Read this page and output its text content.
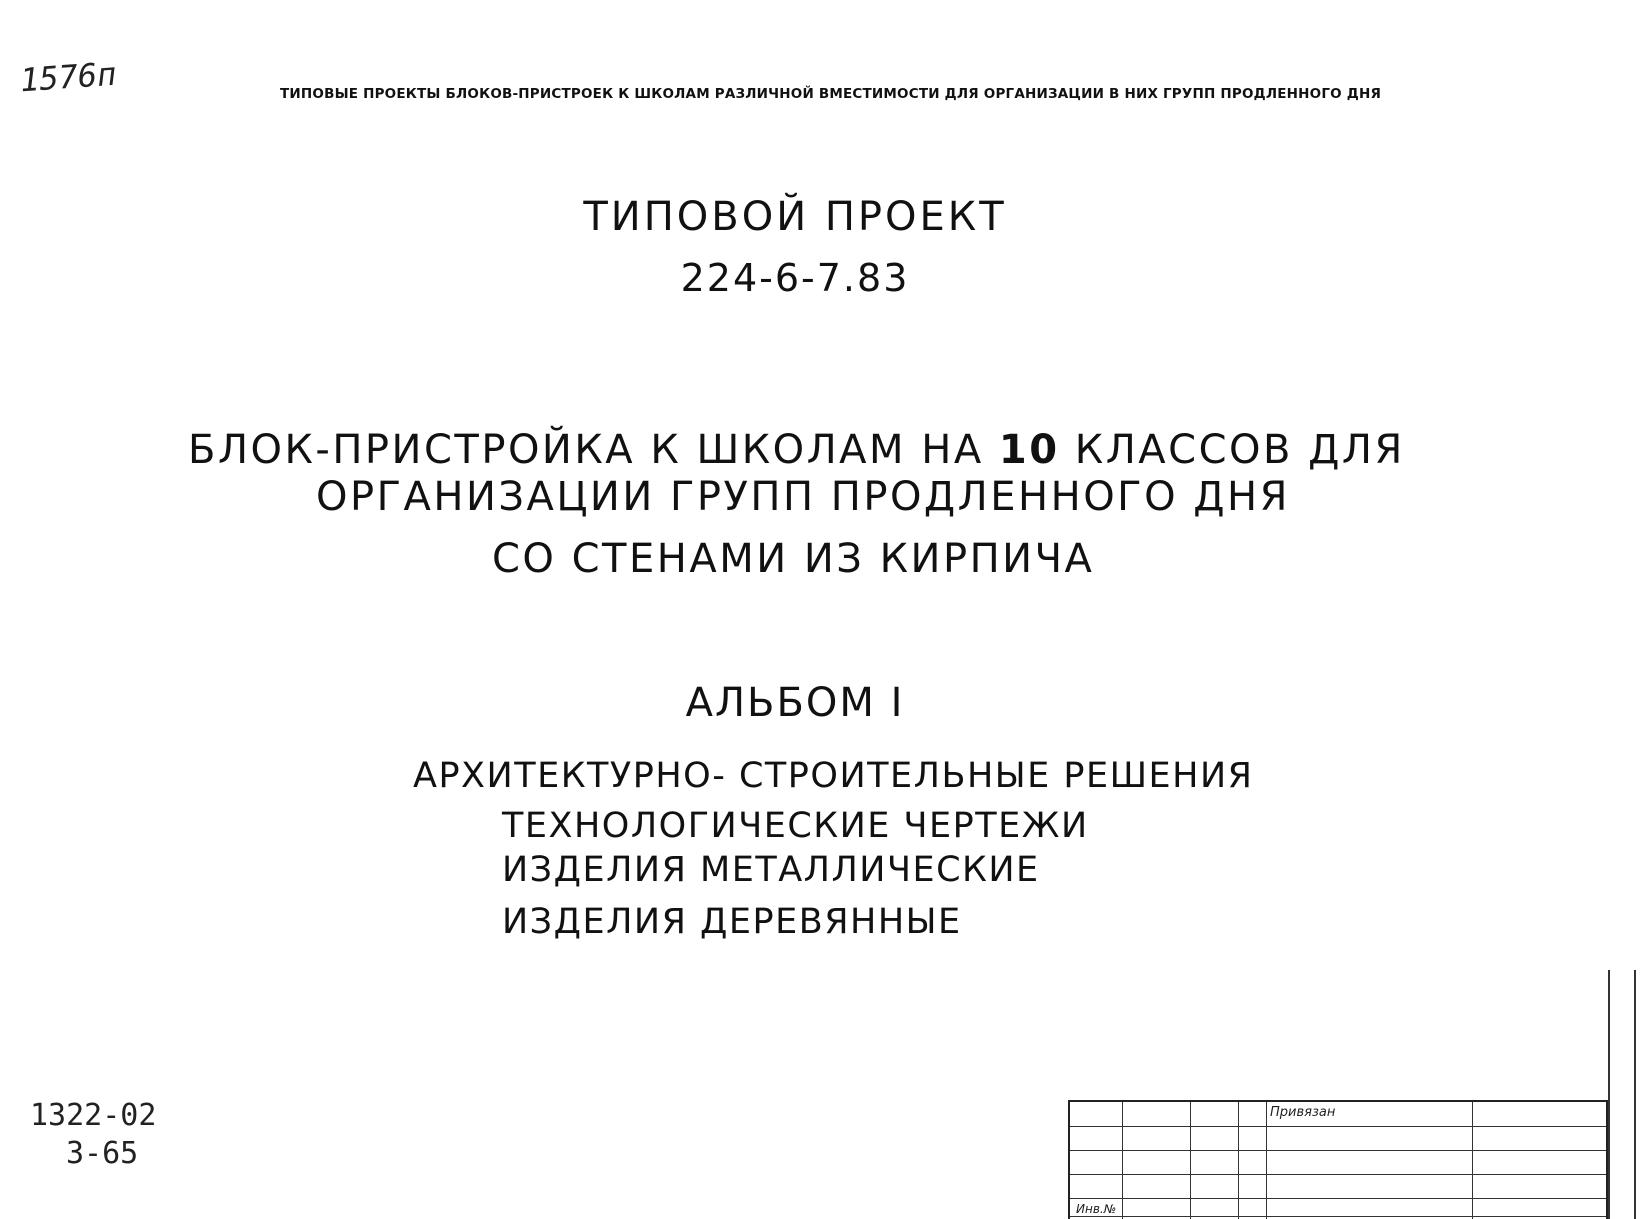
1576п	ТИПОВЫЕ ПРОЕКТЫ БЛОКОВ-ПРИСТРОЕК К ШКОЛАМ РАЗЛИЧНОЙ ВМЕСТИМОСТИ ДЛЯ ОРГАНИЗАЦИИ В НИХ ГРУПП ПРОДЛЕННОГО ДНЯ
ТИПОВОЙ ПРОЕКТ
224-6-7.83
БЛОК-ПРИСТРОЙКА К ШКОЛАМ НА 10 КЛАССОВ ДЛЯ
ОРГАНИЗАЦИИ ГРУПП ПРОДЛЕННОГО ДНЯ
СО СТЕНАМИ ИЗ КИРПИЧА
АЛЬБОМ I
АРХИТЕКТУРНО- СТРОИТЕЛЬНЫЕ РЕШЕНИЯ
ТЕХНОЛОГИЧЕСКИЕ ЧЕРТЕЖИ
ИЗДЕЛИЯ МЕТАЛЛИЧЕСКИЕ
ИЗДЕЛИЯ ДЕРЕВЯННЫЕ
1322-02
3-65
Привязан
Инв.№
